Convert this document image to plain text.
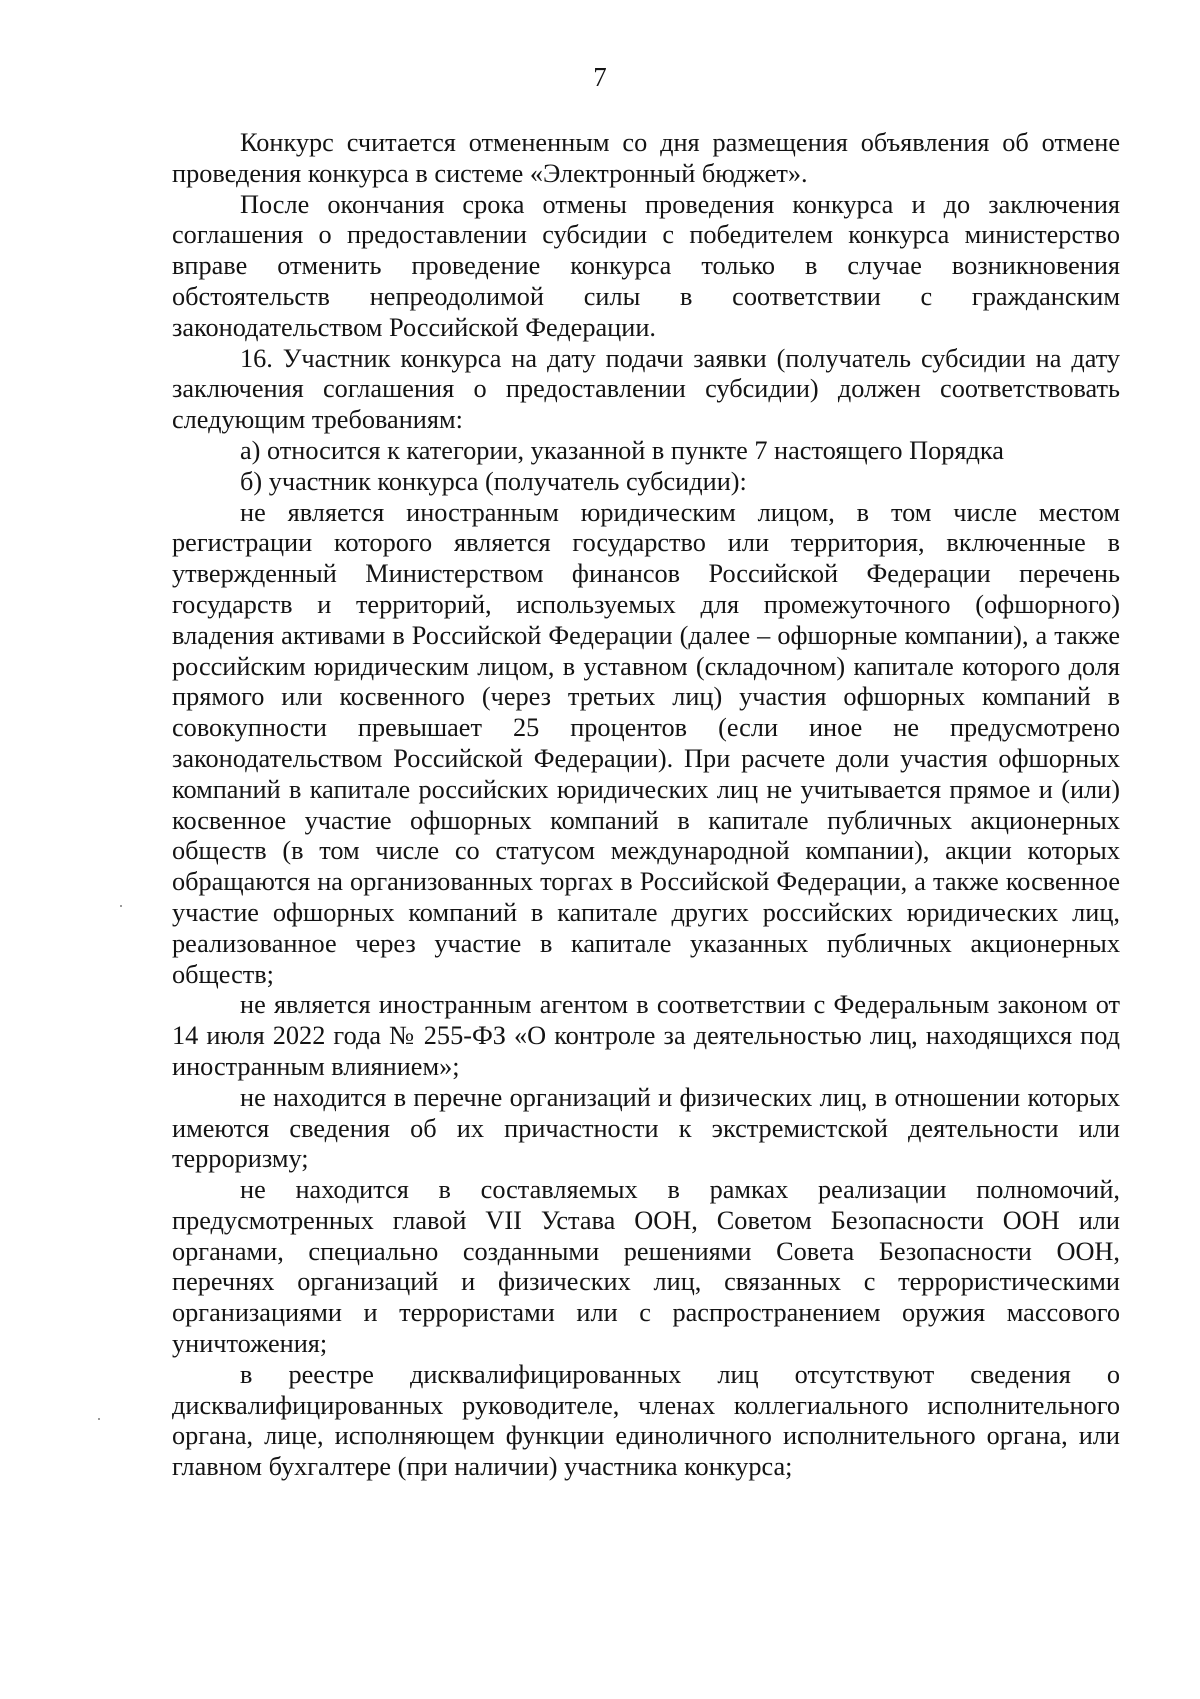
7

Конкурс считается отмененным со дня размещения объявления об отмене проведения конкурса в системе «Электронный бюджет».

После окончания срока отмены проведения конкурса и до заключения соглашения о предоставлении субсидии с победителем конкурса министерство вправе отменить проведение конкурса только в случае возникновения обстоятельств непреодолимой силы в соответствии с гражданским законодательством Российской Федерации.

16. Участник конкурса на дату подачи заявки (получатель субсидии на дату заключения соглашения о предоставлении субсидии) должен соответствовать следующим требованиям:

а) относится к категории, указанной в пункте 7 настоящего Порядка

б) участник конкурса (получатель субсидии):

не является иностранным юридическим лицом, в том числе местом регистрации которого является государство или территория, включенные в утвержденный Министерством финансов Российской Федерации перечень государств и территорий, используемых для промежуточного (офшорного) владения активами в Российской Федерации (далее – офшорные компании), а также российским юридическим лицом, в уставном (складочном) капитале которого доля прямого или косвенного (через третьих лиц) участия офшорных компаний в совокупности превышает 25 процентов (если иное не предусмотрено законодательством Российской Федерации). При расчете доли участия офшорных компаний в капитале российских юридических лиц не учитывается прямое и (или) косвенное участие офшорных компаний в капитале публичных акционерных обществ (в том числе со статусом международной компании), акции которых обращаются на организованных торгах в Российской Федерации, а также косвенное участие офшорных компаний в капитале других российских юридических лиц, реализованное через участие в капитале указанных публичных акционерных обществ;

не является иностранным агентом в соответствии с Федеральным законом от 14 июля 2022 года № 255-ФЗ «О контроле за деятельностью лиц, находящихся под иностранным влиянием»;

не находится в перечне организаций и физических лиц, в отношении которых имеются сведения об их причастности к экстремистской деятельности или терроризму;

не находится в составляемых в рамках реализации полномочий, предусмотренных главой VII Устава ООН, Советом Безопасности ООН или органами, специально созданными решениями Совета Безопасности ООН, перечнях организаций и физических лиц, связанных с террористическими организациями и террористами или с распространением оружия массового уничтожения;

в реестре дисквалифицированных лиц отсутствуют сведения о дисквалифицированных руководителе, членах коллегиального исполнительного органа, лице, исполняющем функции единоличного исполнительного органа, или главном бухгалтере (при наличии) участника конкурса;
